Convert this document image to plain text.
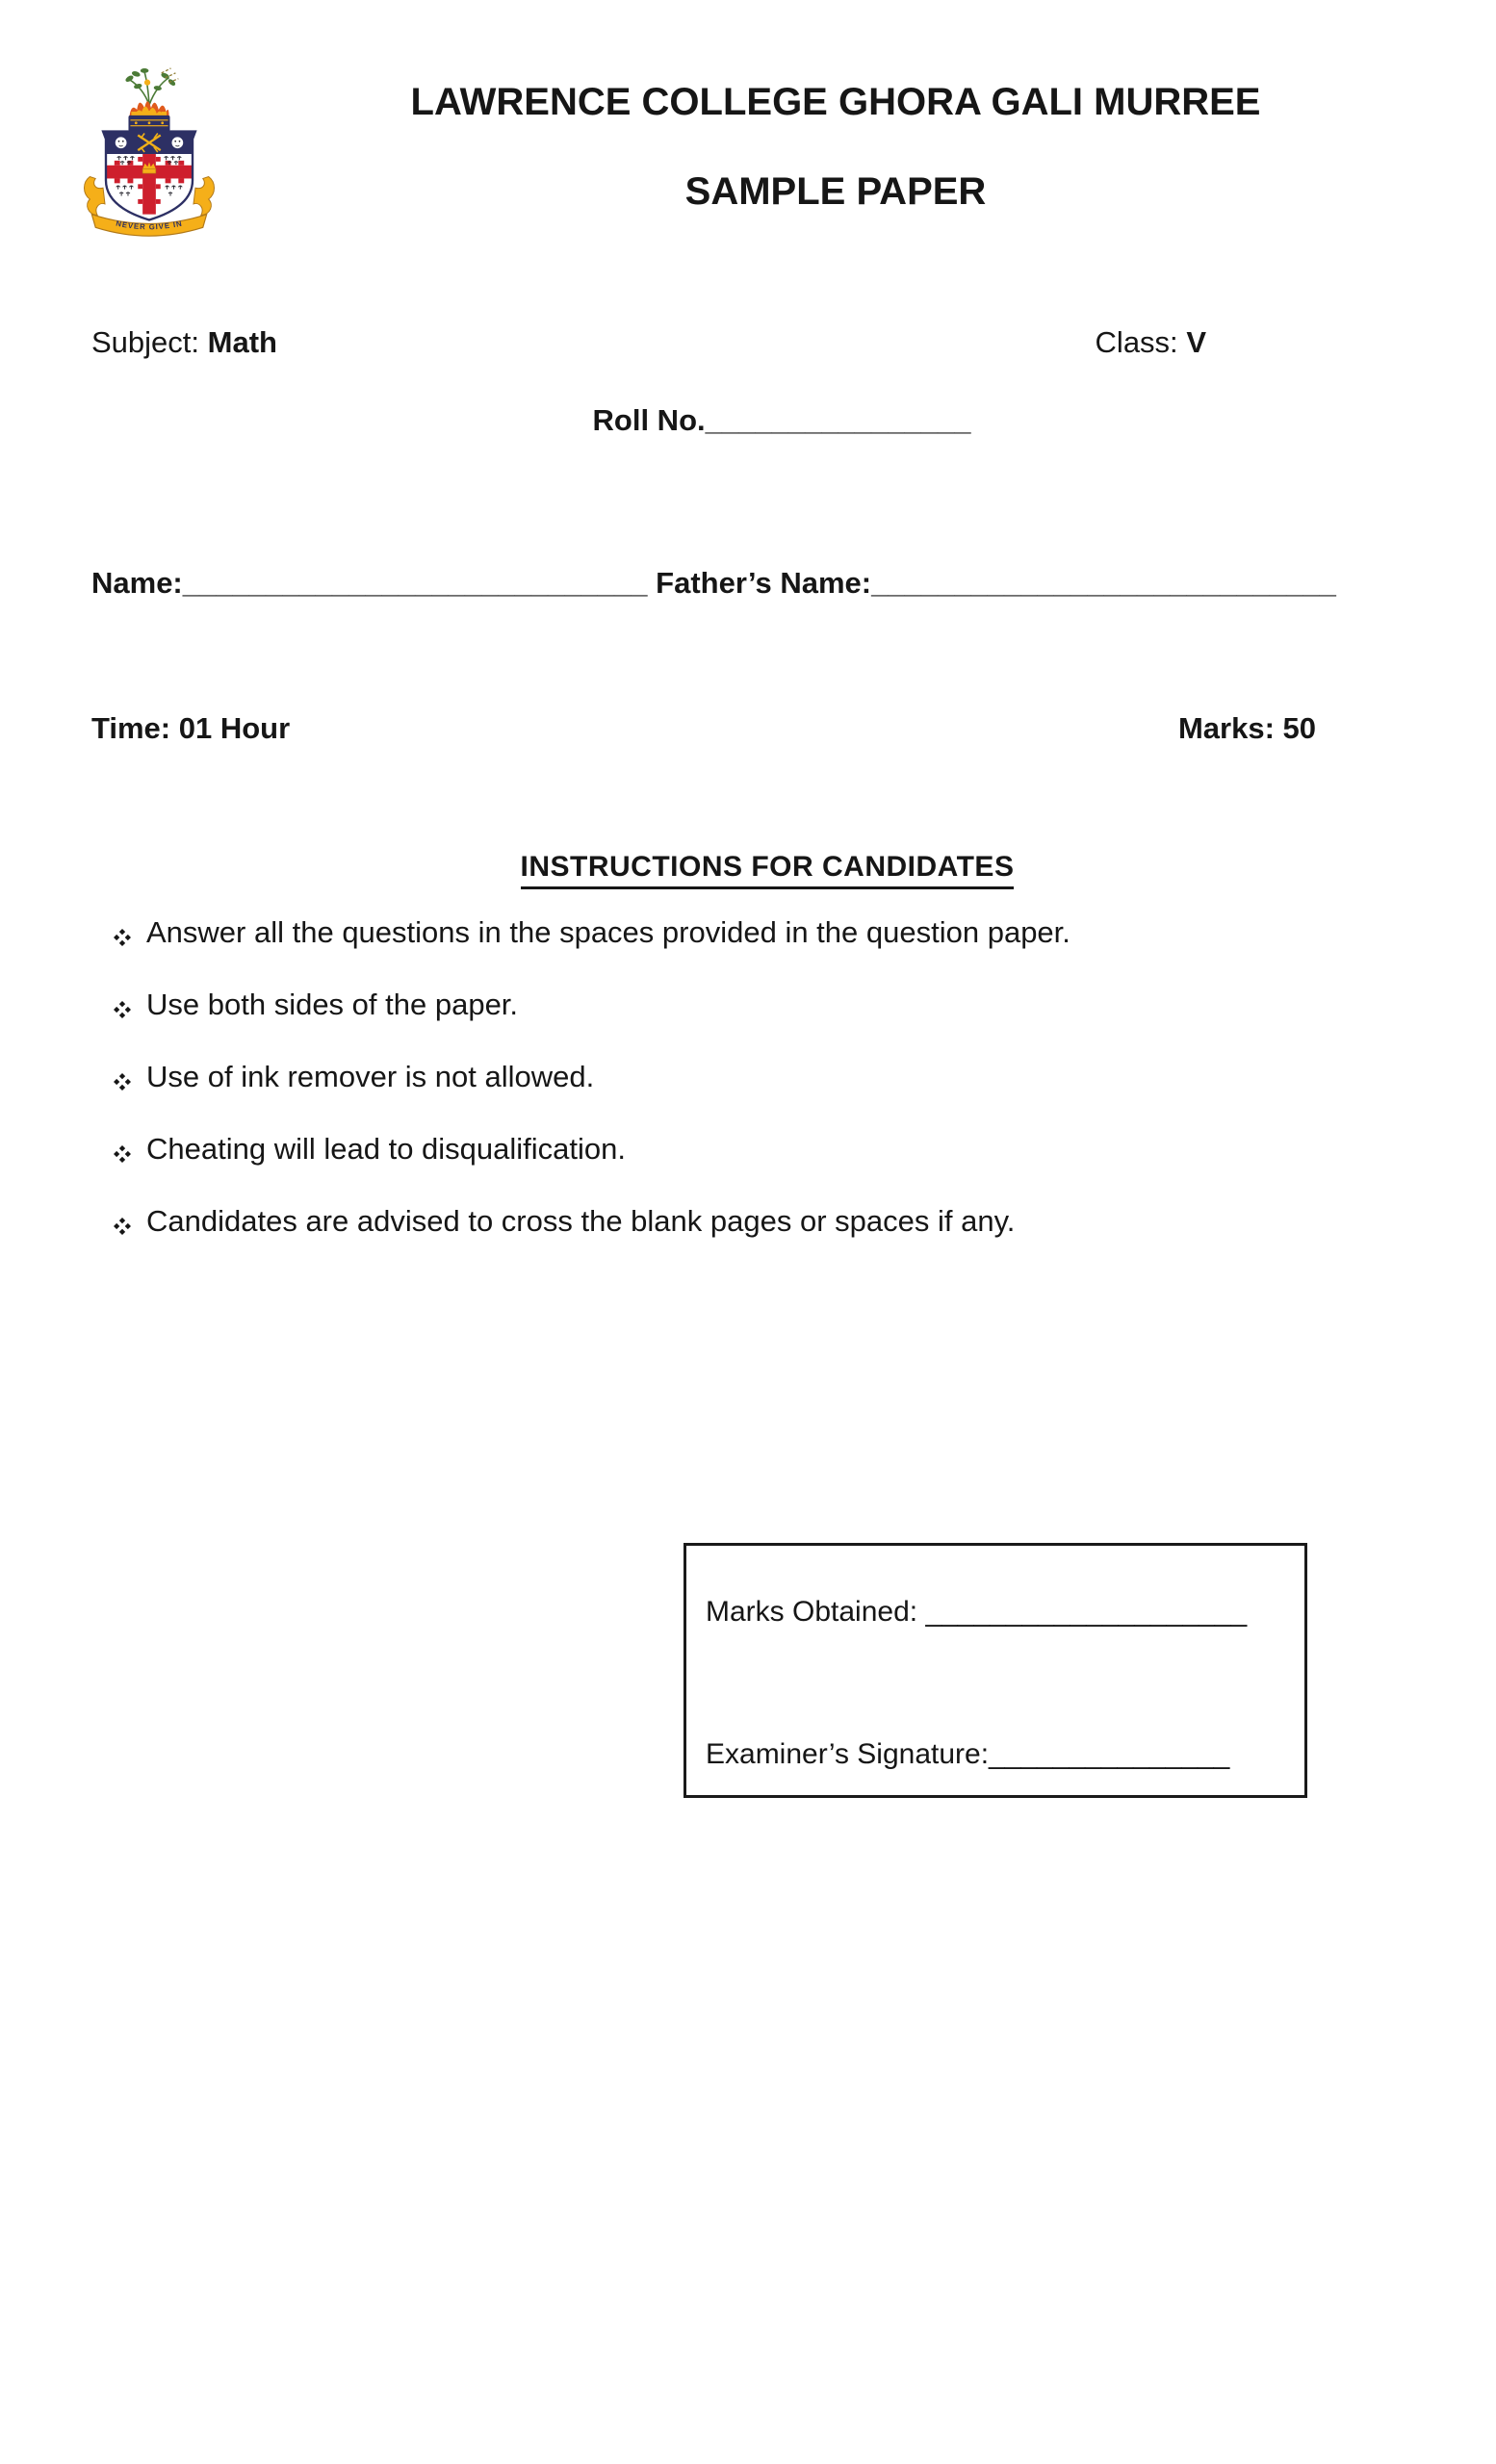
NEVER GIVE IN
LAWRENCE COLLEGE GHORA GALI MURREE
SAMPLE PAPER
Subject: Math	Class: V
Roll No.________________
Name:____________________________ Father’s Name:____________________________
Time: 01 Hour	Marks: 50
INSTRUCTIONS FOR CANDIDATES
Answer all the questions in the spaces provided in the question paper.
Use both sides of the paper.
Use of ink remover is not allowed.
Cheating will lead to disqualification.
Candidates are advised to cross the blank pages or spaces if any.
Marks Obtained: ____________________
Examiner’s Signature:_______________
